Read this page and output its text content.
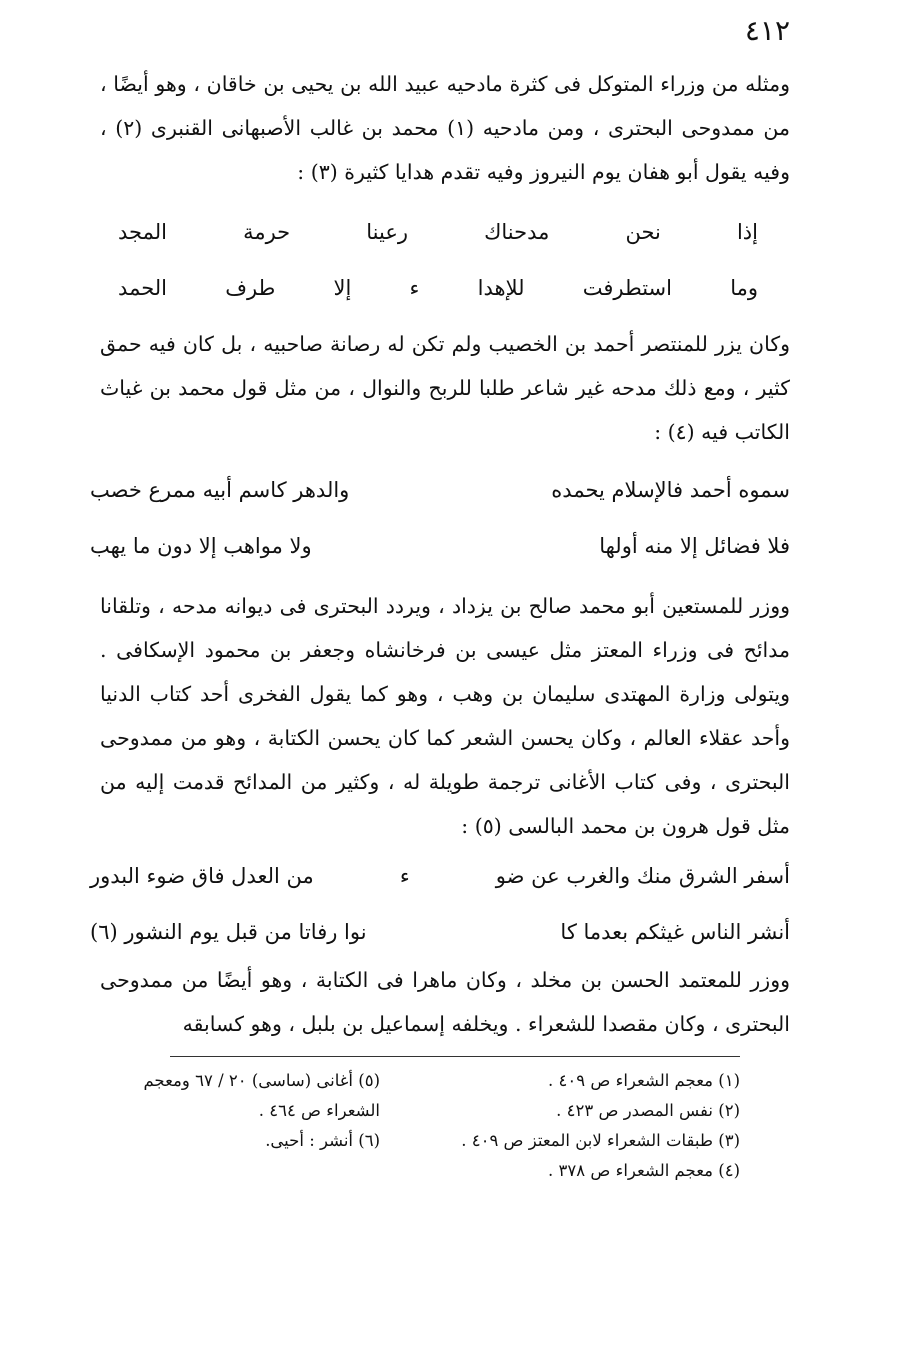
٤١٢

ومثله من وزراء المتوكل فى كثرة مادحيه عبيد الله بن يحيى بن خاقان ، وهو أيضًا ، من ممدوحى البحترى ، ومن مادحيه (١) محمد بن غالب الأصبهانى القنبرى (٢) ، وفيه يقول أبو هفان يوم النيروز وفيه تقدم هدايا كثيرة (٣) :

إذا
نحن
مدحناك
رعينا
حرمة
المجد
وما
استطرفت
للإهدا
ء
إلا
طرف
الحمد

وكان يزر للمنتصر أحمد بن الخصيب ولم تكن له رصانة صاحبيه ، بل كان فيه حمق كثير ، ومع ذلك مدحه غير شاعر طلبا للربح والنوال ، من مثل قول محمد بن غياث الكاتب فيه (٤) :

سموه أحمد فالإسلام يحمده
والدهر كاسم أبيه ممرع خصب
فلا فضائل إلا منه أولها
ولا مواهب إلا دون ما يهب

ووزر للمستعين أبو محمد صالح بن يزداد ، ويردد البحترى فى ديوانه مدحه ، وتلقانا مدائح فى وزراء المعتز مثل عيسى بن فرخانشاه وجعفر بن محمود الإسكافى . ويتولى وزارة المهتدى سليمان بن وهب ، وهو كما يقول الفخرى أحد كتاب الدنيا وأحد عقلاء العالم ، وكان يحسن الشعر كما كان يحسن الكتابة ، وهو من ممدوحى البحترى ، وفى كتاب الأغانى ترجمة طويلة له ، وكثير من المدائح قدمت إليه من مثل قول هرون بن محمد البالسى (٥) :

أسفر الشرق منك والغرب عن ضو
ء
من العدل فاق ضوء البدور
أنشر الناس غيثكم بعدما كا
نوا رفاتا من قبل يوم النشور (٦)

ووزر للمعتمد الحسن بن مخلد ، وكان ماهرا فى الكتابة ، وهو أيضًا من ممدوحى البحترى ، وكان مقصدا للشعراء . ويخلفه إسماعيل بن بلبل ، وهو كسابقه

(١) معجم الشعراء ص ٤٠٩ .
(٢) نفس المصدر ص ٤٢٣ .
(٣) طبقات الشعراء لابن المعتز ص ٤٠٩ .
(٤) معجم الشعراء ص ٣٧٨ .
(٥) أغانى (ساسى) ٢٠ / ٦٧ ومعجم
الشعراء ص ٤٦٤ .
(٦) أنشر : أحيى.
